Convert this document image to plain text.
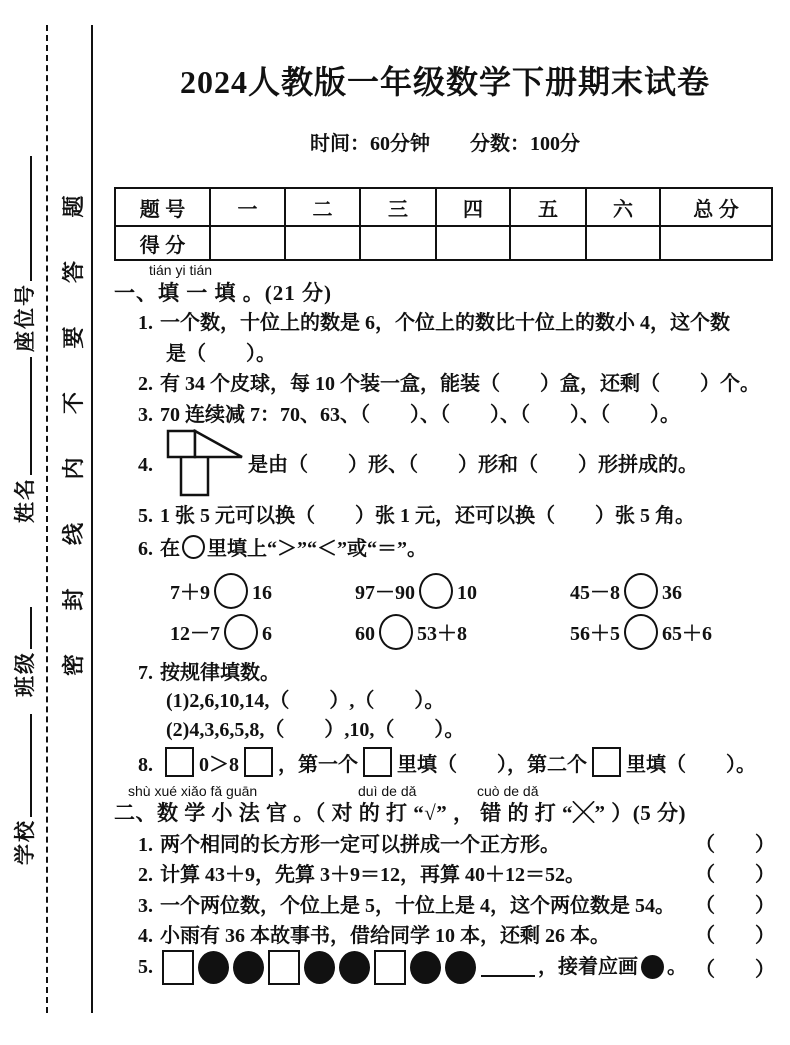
座位号
姓名
班级
学校
密 封 线 内 不 要 答 题
2024人教版一年级数学下册期末试卷
时间：60分钟　　分数：100分
题 号	一	二	三	四	五	六	总 分
得 分							
tián yi tián
一、填 一 填 。(21 分)
1. 一个数，十位上的数是 6，个位上的数比十位上的数小 4，这个数
是（　　）。
2. 有 34 个皮球，每 10 个装一盒，能装（　　）盒，还剩（　　）个。
3. 70 连续减 7：70、63、（　　）、（　　）、（　　）、（　　）。
4.	是由（　　）形、（　　）形和（　　）形拼成的。
5. 1 张 5 元可以换（　　）张 1 元，还可以换（　　）张 5 角。
6. 在 里填上“＞”“＜”或“＝”。
7＋9 16	97－90 10	45－8 36
12－7 6	60 53＋8	56＋5 65＋6
7. 按规律填数。
(1)2,6,10,14,（　　）,（　　）。
(2)4,3,6,5,8,（　　）,10,（　　）。
8. 0＞8 ，第一个 里填（　　），第二个 里填（　　）。
shù xué xiǎo fǎ guān	duì de dǎ	cuò de dǎ
二、数 学 小 法 官 。（ 对 的 打 “√” ， 错 的 打 “╳” ）(5 分)
1. 两个相同的长方形一定可以拼成一个正方形。	（　　）
2. 计算 43＋9，先算 3＋9＝12，再算 40＋12＝52。	（　　）
3. 一个两位数，个位上是 5，十位上是 4，这个两位数是 54。 （　　）
4. 小雨有 36 本故事书，借给同学 10 本，还剩 26 本。	（　　）
5.	，接着应画 。 （　　）
